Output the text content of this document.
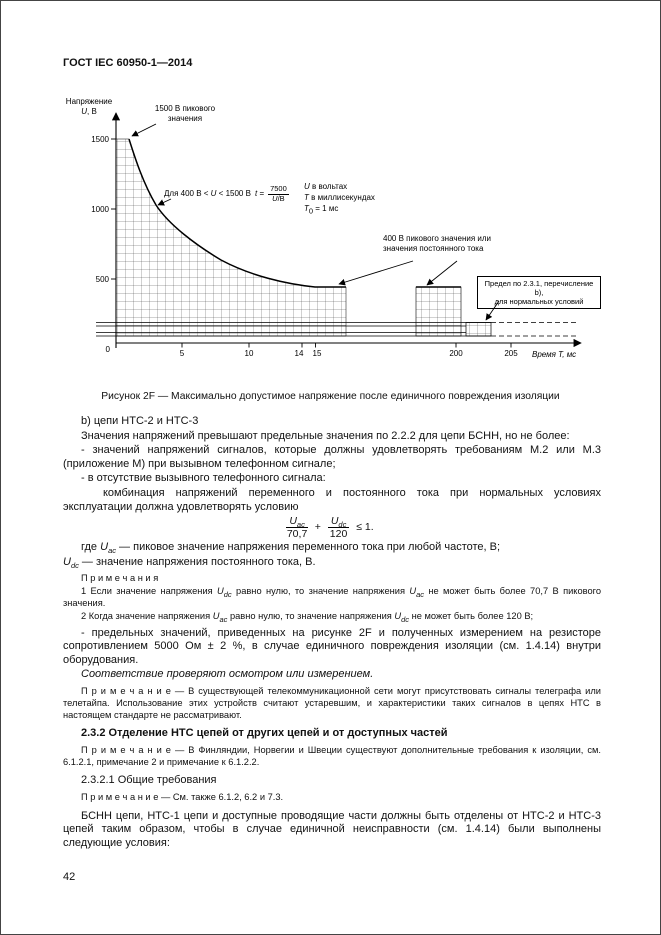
ГОСТ IEC 60950-1—2014
1500
1000
500
0	5	10	14 15	200	205 Время Т, мс
Напряжение
U, В	1500 В пикового
значения
Для 400 В < U < 1500 В $t = \frac{7500}{U/В}$ U в вольтах
Т в миллисекундах
$Т_0 = 1$ мс
400 В пикового значения или
значения постоянного тока
Предел по 2.3.1, перечисление b),
для нормальных условий
Рисунок 2F — Максимально допустимое напряжение после единичного повреждения изоляции

b) цепи НТС-2 и НТС-3

Значения напряжений превышают предельные значения по 2.2.2 для цепи БСНН, но не более:

- значений напряжений сигналов, которые должны удовлетворять требованиям М.2 или М.3 (приложение М) при вызывном телефонном сигнале;

- в отсутствие вызывного телефонного сигнала:

комбинация напряжений переменного и постоянного тока при нормальных условиях эксплуатации должна удовлетворять условию

$\frac{U_{ac}}{70,7} + \frac{U_{dc}}{120} \le 1$.

где $U_{ac}$ — пиковое значение напряжения переменного тока при любой частоте, В;

$U_{dc}$ — значение напряжения постоянного тока, В.

П р и м е ч а н и я

1 Если значение напряжения $U_{dc}$ равно нулю, то значение напряжения $U_{ac}$ не может быть более 70,7 В пикового значения.

2 Когда значение напряжения $U_{ac}$ равно нулю, то значение напряжения $U_{dc}$ не может быть более 120 В;

- предельных значений, приведенных на рисунке 2F и полученных измерением на резисторе сопротивлением 5000 Ом ± 2 %, в случае единичного повреждения изоляции (см. 1.4.14) внутри оборудования.

Соответствие проверяют осмотром или измерением.

П р и м е ч а н и е — В существующей телекоммуникационной сети могут присутствовать сигналы телеграфа или телетайпа. Использование этих устройств считают устаревшим, и характеристики таких сигналов в цепях НТС в настоящем стандарте не рассматривают.

2.3.2 Отделение НТС цепей от других цепей и от доступных частей

П р и м е ч а н и е — В Финляндии, Норвегии и Швеции существуют дополнительные требования к изоляции, см. 6.1.2.1, примечание 2 и примечание к 6.1.2.2.

2.3.2.1 Общие требования

П р и м е ч а н и е — См. также 6.1.2, 6.2 и 7.3.

БСНН цепи, НТС-1 цепи и доступные проводящие части должны быть отделены от НТС-2 и НТС-3 цепей таким образом, чтобы в случае единичной неисправности (см. 1.4.14) были выполнены следующие условия:

42
